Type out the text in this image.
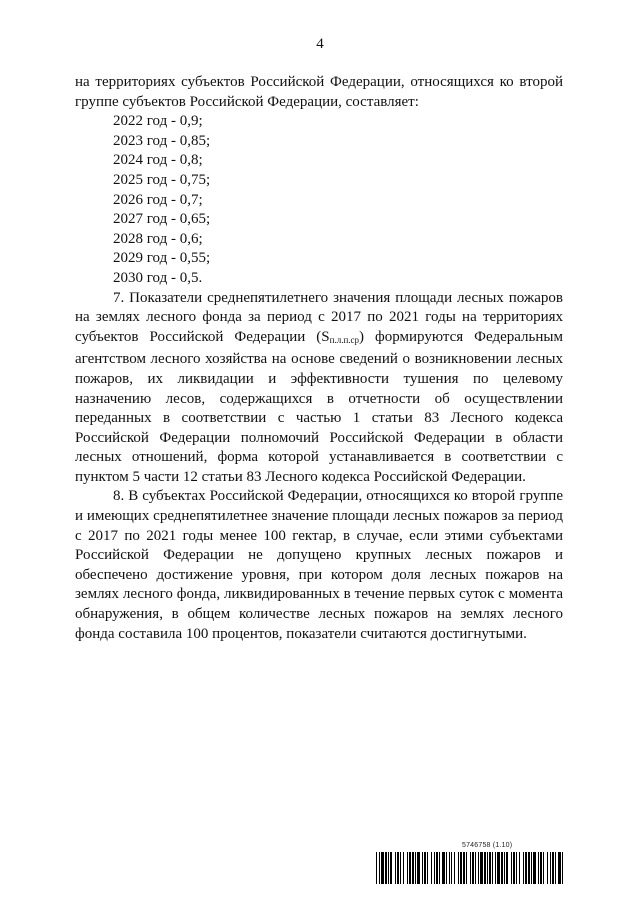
4

на территориях субъектов Российской Федерации, относящихся ко второй группе субъектов Российской Федерации, составляет:

2022 год - 0,9;
2023 год - 0,85;
2024 год - 0,8;
2025 год - 0,75;
2026 год - 0,7;
2027 год - 0,65;
2028 год - 0,6;
2029 год - 0,55;
2030 год - 0,5.

7. Показатели среднепятилетнего значения площади лесных пожаров на землях лесного фонда за период с 2017 по 2021 годы на территориях субъектов Российской Федерации $(S_{п.л.п.ср})$ формируются Федеральным агентством лесного хозяйства на основе сведений о возникновении лесных пожаров, их ликвидации и эффективности тушения по целевому назначению лесов, содержащихся в отчетности об осуществлении переданных в соответствии с частью 1 статьи 83 Лесного кодекса Российской Федерации полномочий Российской Федерации в области лесных отношений, форма которой устанавливается в соответствии с пунктом 5 части 12 статьи 83 Лесного кодекса Российской Федерации.

8. В субъектах Российской Федерации, относящихся ко второй группе и имеющих среднепятилетнее значение площади лесных пожаров за период с 2017 по 2021 годы менее 100 гектар, в случае, если этими субъектами Российской Федерации не допущено крупных лесных пожаров и обеспечено достижение уровня, при котором доля лесных пожаров на землях лесного фонда, ликвидированных в течение первых суток с момента обнаружения, в общем количестве лесных пожаров на землях лесного фонда составила 100 процентов, показатели считаются достигнутыми.

5746758 (1.10)
